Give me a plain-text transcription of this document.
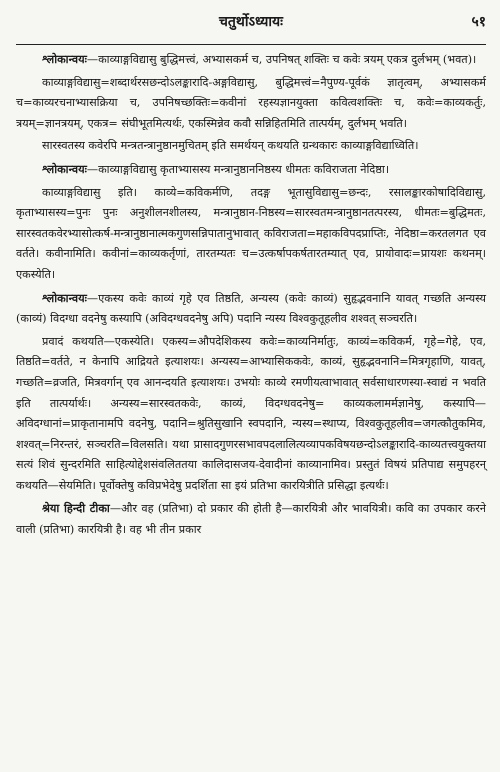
चतुर्थोऽध्यायः	५१

श्लोकान्वयः—काव्याङ्गविद्यासु बुद्धिमत्त्वं, अभ्यासकर्म च, उपनिषत् शक्तिः च कवेः त्रयम् एकत्र दुर्लभम् (भवत)।

काव्याङ्गविद्यासु=शब्दार्थरसछन्दोऽलङ्कारादि-अङ्गविद्यासु, बुद्धिमत्त्वं=नैपुण्य-पूर्वकं ज्ञातृत्वम्, अभ्यासकर्म च=काव्यरचनाभ्यासक्रिया च, उपनिषच्छक्तिः=कवीनां रहस्यज्ञानयुक्ता कवित्वशक्तिः च, कवेः=काव्यकर्तुः, त्रयम्=ज्ञानत्रयम्, एकत्र= संघीभूतमित्यर्थः, एकस्मिन्नेव कवौ सन्निहितमिति तात्पर्यम्, दुर्लभम् भवति।

सारस्वतस्य कवेरपि मन्त्रतन्त्रानुष्ठानमुचितम् इति समर्थयन् कथयति ग्रन्थकारः काव्याङ्गविद्याध्विति।

श्लोकान्वयः—काव्याङ्गविद्यासु कृताभ्यासस्य मन्त्रानुष्ठाननिष्ठस्य धीमतः कविराजता नेदिष्ठा।

काव्याङ्गविद्यासु इति। काव्ये=कविकर्मणि, तदङ्ग भूतासुविद्यासु=छन्दः, रसालङ्कारकोषादिविद्यासु, कृताभ्यासस्य=पुनः पुनः अनुशीलनशीलस्य, मन्त्रानुष्ठान-निष्ठस्य=सारस्वतमन्त्रानुष्ठानतत्परस्य, धीमतः=बुद्धिमतः, सारस्वतकवेरभ्यासोत्कर्ष-मन्त्रानुष्ठानात्मकगुणसन्निपातानुभावात् कविराजता=महाकविपदप्राप्तिः, नेदिष्ठा=करतलगत एव वर्तते। कवीनामिति। कवीनां=काव्यकर्तृणां, तारतम्यतः च=उत्कर्षापकर्षतारतम्यात् एव, प्रायोवादः=प्रायशः कथनम्। एकस्येति।

श्लोकान्वयः—एकस्य कवेः काव्यं गृहे एव तिष्ठति, अन्यस्य (कवेः काव्यं) सुहृद्भवनानि यावत् गच्छति अन्यस्य (काव्यं) विदग्धा वदनेषु कस्यापि (अविदग्धवदनेषु अपि) पदानि न्यस्य विश्वकुतूहलीव शश्वत् सञ्चरति।

प्रवादं कथयति—एकस्येति। एकस्य=औपदेशिकस्य कवेः=काव्यनिर्मातुः, काव्यं=कविकर्म, गृहे=गेहे, एव, तिष्ठति=वर्तते, न केनापि आद्रियते इत्याशयः। अन्यस्य=आभ्यासिककवेः, काव्यं, सुहृद्भवनानि=मित्रगृहाणि, यावत्, गच्छति=व्रजति, मित्रवर्गान् एव आनन्दयति इत्याशयः। उभयोः काव्ये रमणीयत्वाभावात् सर्वसाधारणस्या-स्वाद्यं न भवति इति तात्पर्यार्थः। अन्यस्य=सारस्वतकवेः, काव्यं, विदग्धवदनेषु= काव्यकलामर्मज्ञानेषु, कस्यापि—अविदग्धानां=प्राकृतानामपि वदनेषु, पदानि=श्रुतिसुखानि स्वपदानि, न्यस्य=स्थाप्य, विश्वकुतूहलीव=जगत्कौतुकमिव, शश्वत्=निरन्तरं, सञ्चरति=विलसति। यथा प्रासादगुणरसभावपदलालित्यव्यापकविषयछन्दोऽलङ्कारादि-काव्यतत्त्वयुक्तया सत्यं शिवं सुन्दरमिति साहित्योद्देशसंवलिततया कालिदासजय-देवादीनां काव्यानामिव। प्रस्तुतं विषयं प्रतिपाद्य समुपहरन् कथयति—सेयमिति। पूर्वोक्तेषु कविप्रभेदेषु प्रदर्शिता सा इयं प्रतिभा कारयित्रीति प्रसिद्धा इत्यर्थः।

श्रेया हिन्दी टीका—और वह (प्रतिभा) दो प्रकार की होती है—कारयित्री और भावयित्री। कवि का उपकार करने वाली (प्रतिभा) कारयित्री है। वह भी तीन प्रकार
